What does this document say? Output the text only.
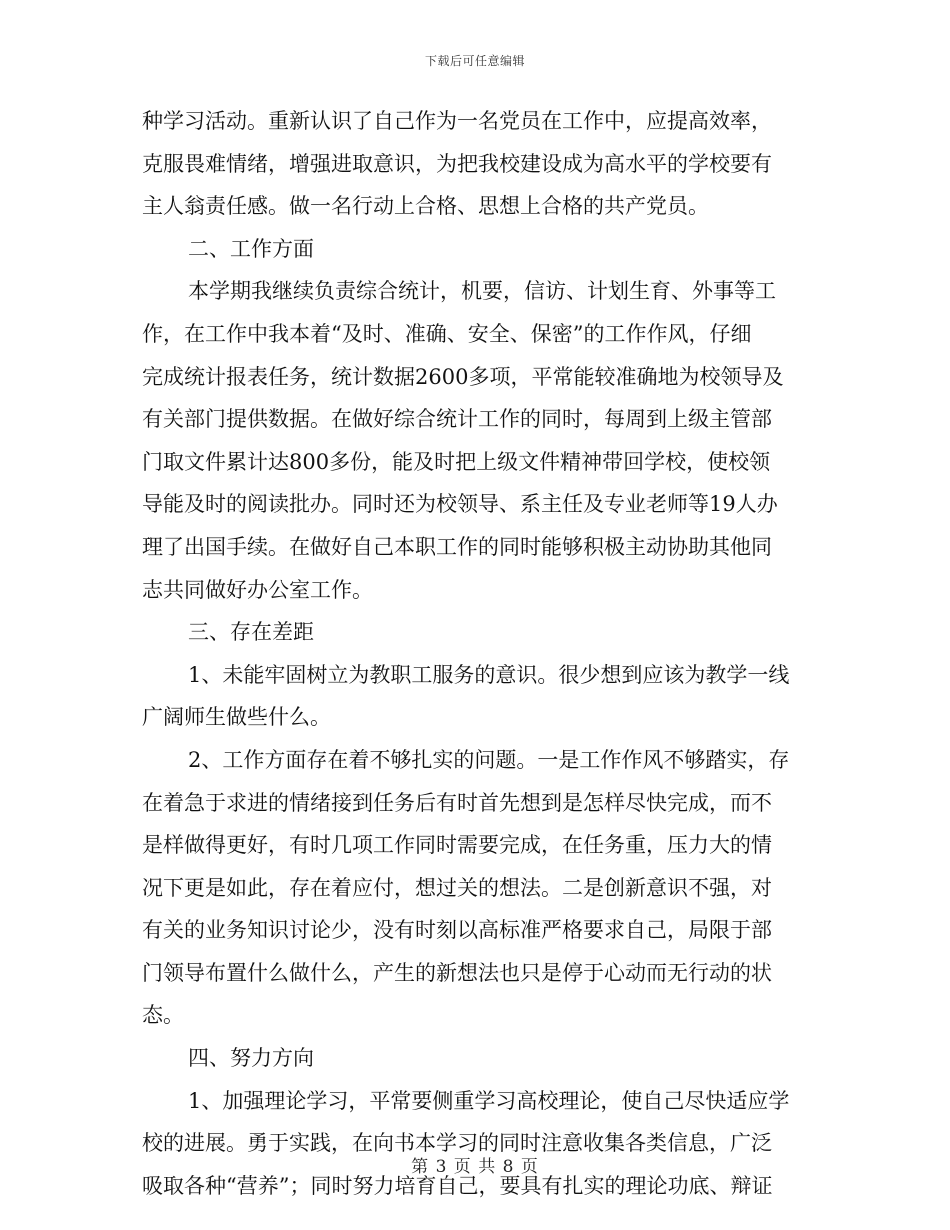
下载后可任意编辑
种学习活动。重新认识了自己作为一名党员在工作中，应提高效率，
克服畏难情绪，增强进取意识，为把我校建设成为高水平的学校要有
主人翁责任感。做一名行动上合格、思想上合格的共产党员。
二、工作方面
本学期我继续负责综合统计，机要，信访、计划生育、外事等工
作，在工作中我本着“及时、准确、安全、保密”的工作作风，仔细
完成统计报表任务，统计数据2600多项，平常能较准确地为校领导及
有关部门提供数据。在做好综合统计工作的同时，每周到上级主管部
门取文件累计达800多份，能及时把上级文件精神带回学校，使校领
导能及时的阅读批办。同时还为校领导、系主任及专业老师等19人办
理了出国手续。在做好自己本职工作的同时能够积极主动协助其他同
志共同做好办公室工作。
三、存在差距
1、未能牢固树立为教职工服务的意识。很少想到应该为教学一线
广阔师生做些什么。
2、工作方面存在着不够扎实的问题。一是工作作风不够踏实，存
在着急于求进的情绪接到任务后有时首先想到是怎样尽快完成，而不
是样做得更好，有时几项工作同时需要完成，在任务重，压力大的情
况下更是如此，存在着应付，想过关的想法。二是创新意识不强，对
有关的业务知识讨论少，没有时刻以高标准严格要求自己，局限于部
门领导布置什么做什么，产生的新想法也只是停于心动而无行动的状
态。
四、努力方向
1、加强理论学习，平常要侧重学习高校理论，使自己尽快适应学
校的进展。勇于实践，在向书本学习的同时注意收集各类信息，广泛
吸取各种“营养”；同时努力培育自己，要具有扎实的理论功底、辩证
第 3 页 共 8 页
